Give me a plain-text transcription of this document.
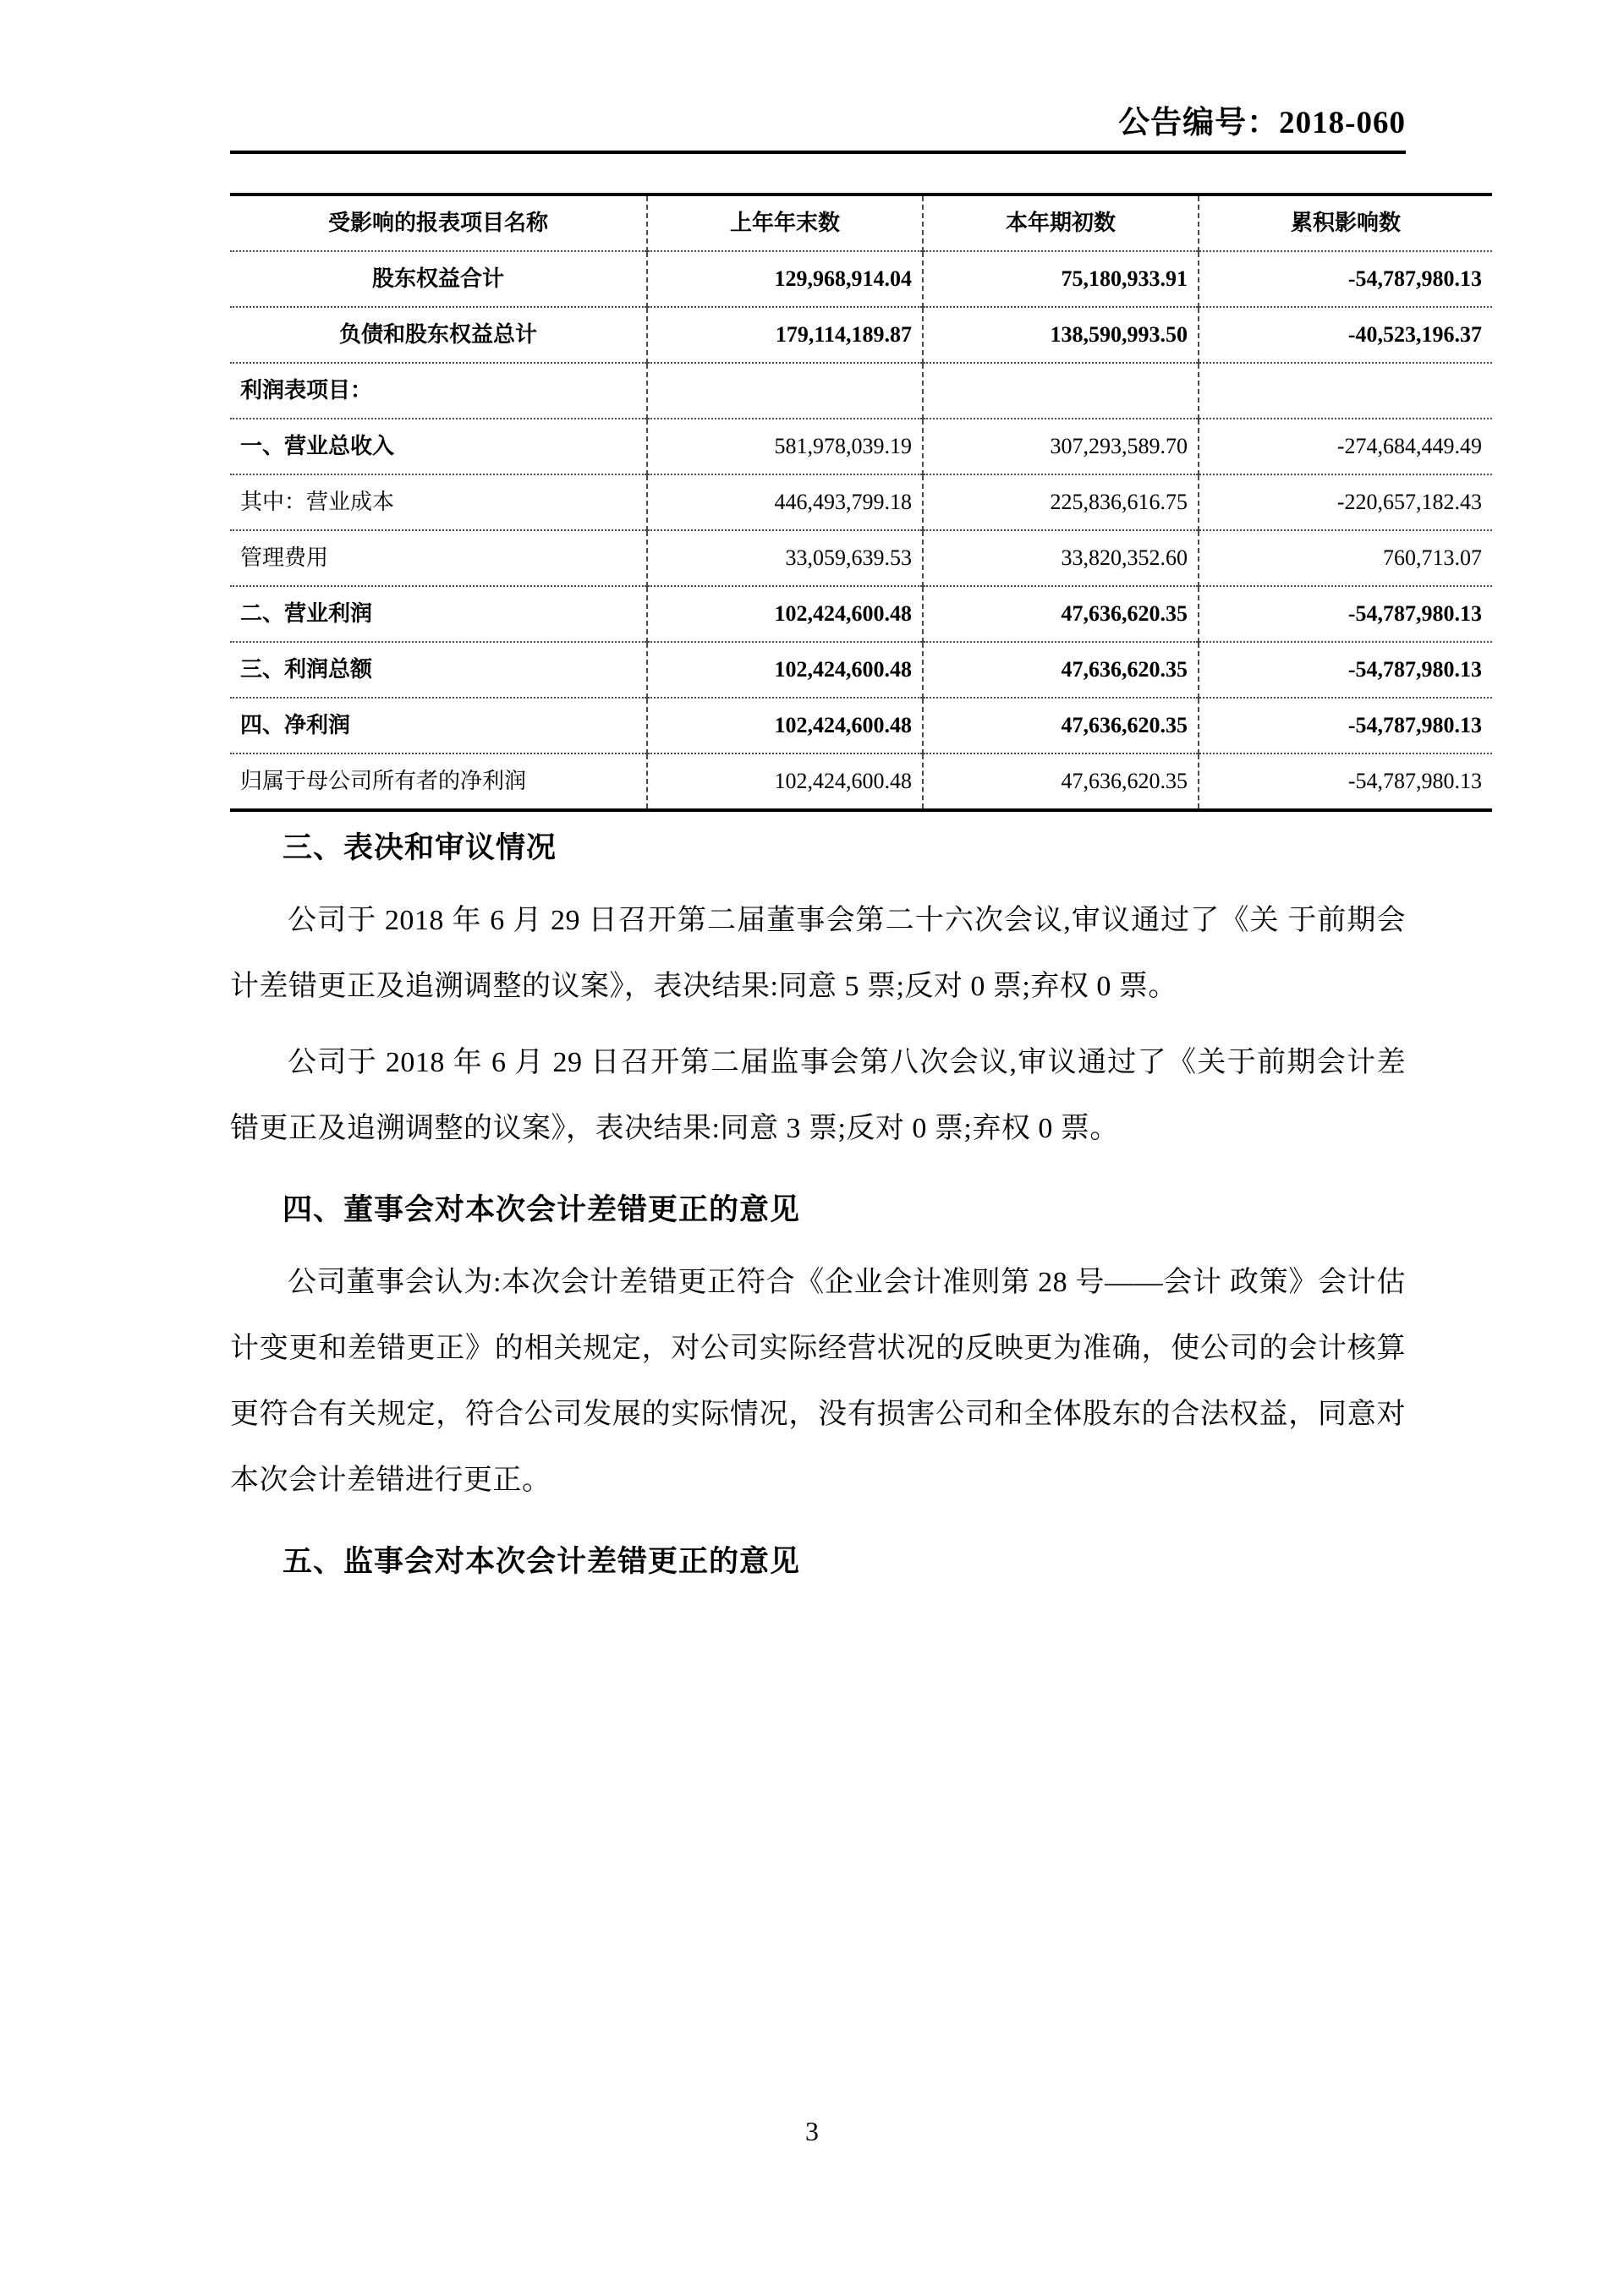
公告编号：2018-060
受影响的报表项目名称	上年年末数	本年期初数	累积影响数
股东权益合计	129,968,914.04	75,180,933.91	-54,787,980.13
负债和股东权益总计	179,114,189.87	138,590,993.50	-40,523,196.37
利润表项目：			
一、营业总收入	581,978,039.19	307,293,589.70	-274,684,449.49
其中：营业成本	446,493,799.18	225,836,616.75	-220,657,182.43
管理费用	33,059,639.53	33,820,352.60	760,713.07
二、营业利润	102,424,600.48	47,636,620.35	-54,787,980.13
三、利润总额	102,424,600.48	47,636,620.35	-54,787,980.13
四、净利润	102,424,600.48	47,636,620.35	-54,787,980.13
归属于母公司所有者的净利润	102,424,600.48	47,636,620.35	-54,787,980.13
三、表决和审议情况

公司于 2018 年 6 月 29 日召开第二届董事会第二十六次会议,审议通过了《关 于前期会计差错更正及追溯调整的议案》，表决结果:同意 5 票;反对 0 票;弃权 0 票。

公司于 2018 年 6 月 29 日召开第二届监事会第八次会议,审议通过了《关于前期会计差错更正及追溯调整的议案》，表决结果:同意 3 票;反对 0 票;弃权 0 票。

四、董事会对本次会计差错更正的意见

公司董事会认为:本次会计差错更正符合《企业会计准则第 28 号——会计 政策》会计估计变更和差错更正》的相关规定，对公司实际经营状况的反映更为准确，使公司的会计核算更符合有关规定，符合公司发展的实际情况，没有损害公司和全体股东的合法权益，同意对本次会计差错进行更正。

五、监事会对本次会计差错更正的意见
3
